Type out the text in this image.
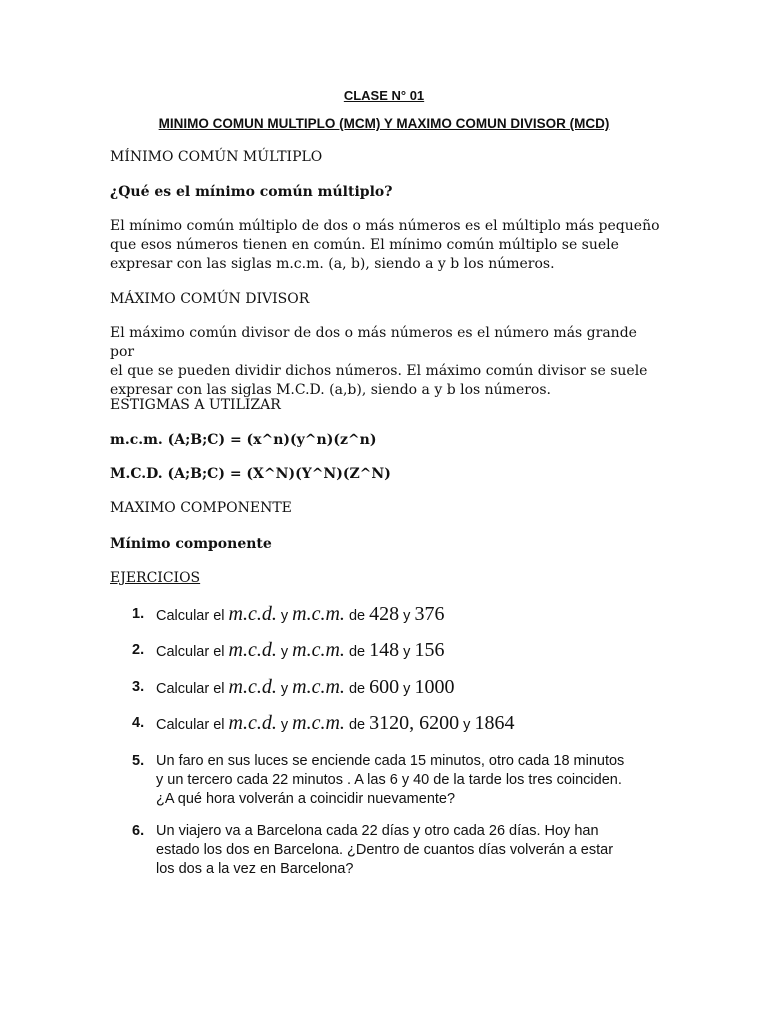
CLASE N° 01
MINIMO COMUN MULTIPLO (MCM) Y MAXIMO COMUN DIVISOR (MCD)
MÍNIMO COMÚN MÚLTIPLO
¿Qué es el mínimo común múltiplo?
El mínimo común múltiplo de dos o más números es el múltiplo más pequeño
que esos números tienen en común. El mínimo común múltiplo se suele
expresar con las siglas m.c.m. (a, b), siendo a y b los números.
MÁXIMO COMÚN DIVISOR
El máximo común divisor de dos o más números es el número más grande por
el que se pueden dividir dichos números. El máximo común divisor se suele
expresar con las siglas M.C.D. (a,b), siendo a y b los números.
ESTIGMAS A UTILIZAR
m.c.m. (A;B;C) = (x^n)(y^n)(z^n)
M.C.D. (A;B;C) = (X^N)(Y^N)(Z^N)
MAXIMO COMPONENTE
Mínimo componente
EJERCICIOS
1. Calcular el m.c.d. y m.c.m. de 428 y 376
2. Calcular el m.c.d. y m.c.m. de 148 y 156
3. Calcular el m.c.d. y m.c.m. de 600 y 1000
4. Calcular el m.c.d. y m.c.m. de 3120, 6200 y 1864
5. Un faro en sus luces se enciende cada 15 minutos, otro cada 18 minutos
y un tercero cada 22 minutos . A las 6 y 40 de la tarde los tres coinciden.
¿A qué hora volverán a coincidir nuevamente?
6. Un viajero va a Barcelona cada 22 días y otro cada 26 días. Hoy han
estado los dos en Barcelona. ¿Dentro de cuantos días volverán a estar
los dos a la vez en Barcelona?
